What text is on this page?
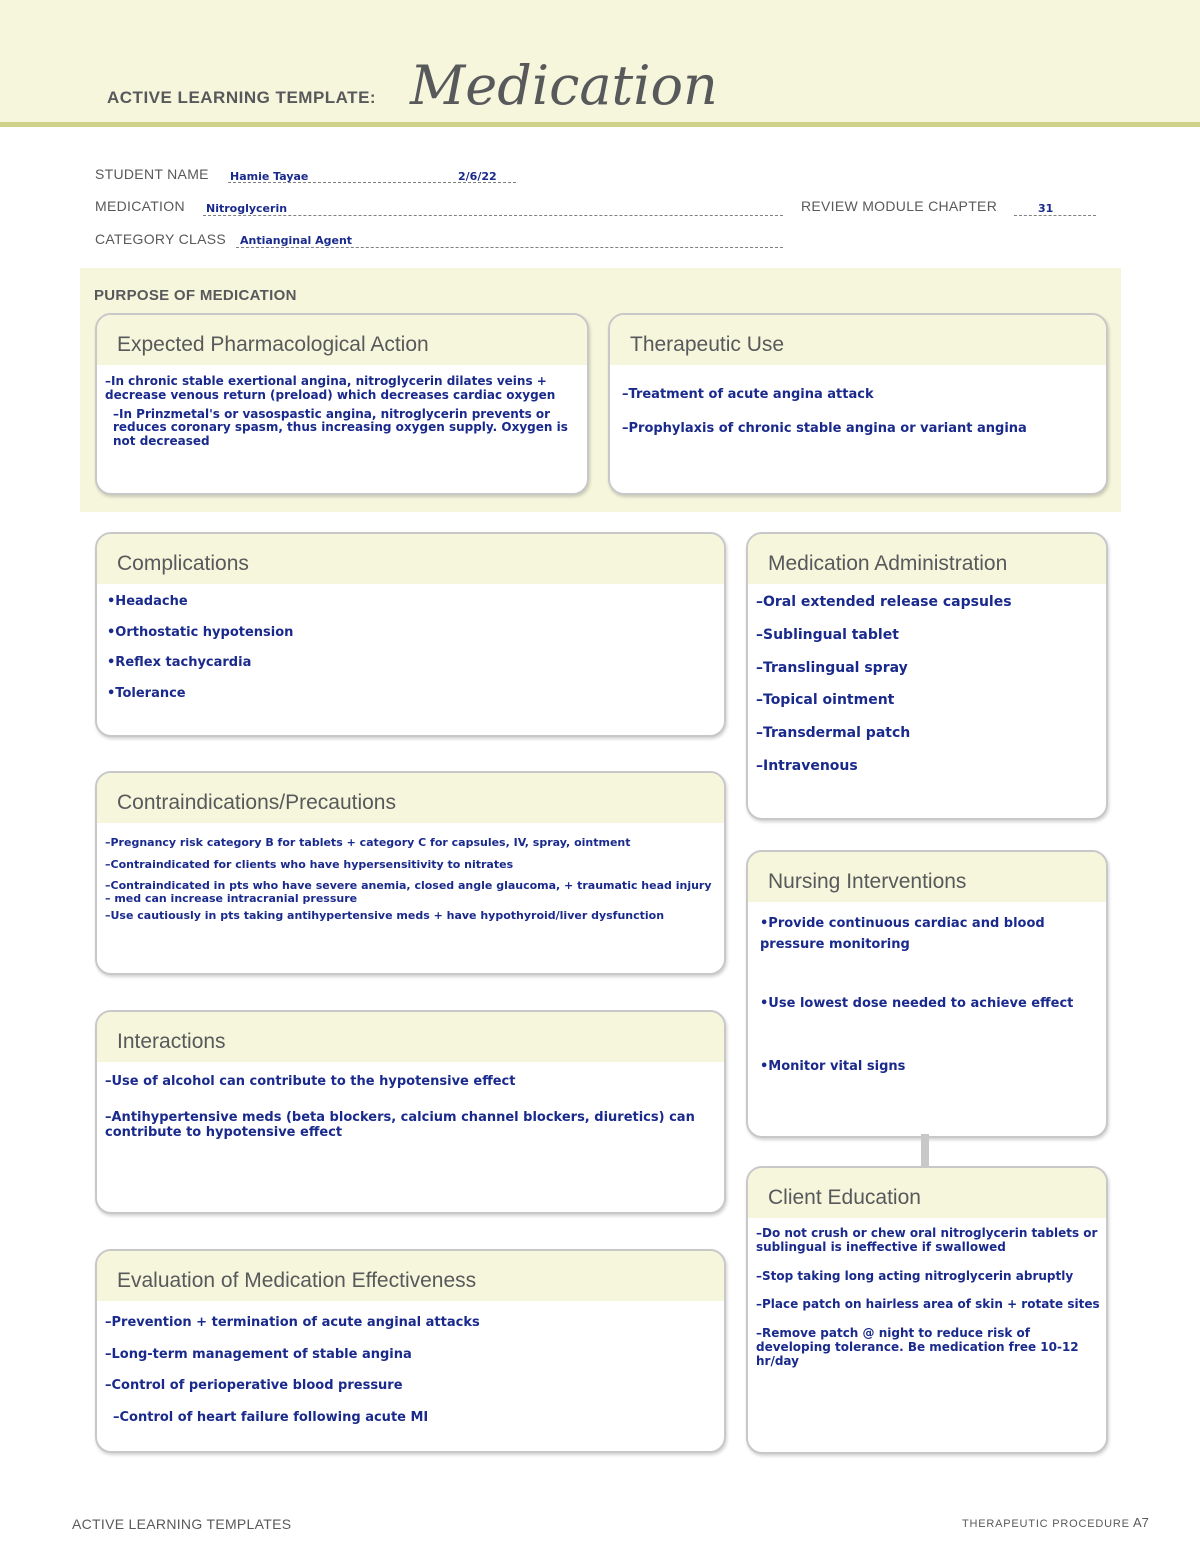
ACTIVE LEARNING TEMPLATE: Medication
STUDENT NAME Hamie Tayae	2/6/22
MEDICATION Nitroglycerin	REVIEW MODULE CHAPTER	31
CATEGORY CLASS Antianginal Agent
PURPOSE OF MEDICATION
Expected Pharmacological Action
–In chronic stable exertional angina, nitroglycerin dilates veins + decrease venous return (preload) which decreases cardiac oxygen
–In Prinzmetal's or vasospastic angina, nitroglycerin prevents or reduces coronary spasm, thus increasing oxygen supply. Oxygen is not decreased
Therapeutic Use
–Treatment of acute angina attack
–Prophylaxis of chronic stable angina or variant angina
Complications
•Headache
•Orthostatic hypotension
•Reflex tachycardia
•Tolerance
Medication Administration
–Oral extended release capsules
–Sublingual tablet
–Translingual spray
–Topical ointment
–Transdermal patch
–Intravenous
Contraindications/Precautions
–Pregnancy risk category B for tablets + category C for capsules, IV, spray, ointment
–Contraindicated for clients who have hypersensitivity to nitrates
–Contraindicated in pts who have severe anemia, closed angle glaucoma, + traumatic head injury – med can increase intracranial pressure
–Use cautiously in pts taking antihypertensive meds + have hypothyroid/liver dysfunction
Nursing Interventions
•Provide continuous cardiac and blood pressure monitoring
•Use lowest dose needed to achieve effect
•Monitor vital signs
Interactions
–Use of alcohol can contribute to the hypotensive effect
–Antihypertensive meds (beta blockers, calcium channel blockers, diuretics) can contribute to hypotensive effect
Client Education
–Do not crush or chew oral nitroglycerin tablets or sublingual is ineffective if swallowed
–Stop taking long acting nitroglycerin abruptly
–Place patch on hairless area of skin + rotate sites
–Remove patch @ night to reduce risk of developing tolerance. Be medication free 10-12 hr/day
Evaluation of Medication Effectiveness
–Prevention + termination of acute anginal attacks
–Long-term management of stable angina
–Control of perioperative blood pressure
–Control of heart failure following acute MI
ACTIVE LEARNING TEMPLATES	THERAPEUTIC PROCEDURE A7
